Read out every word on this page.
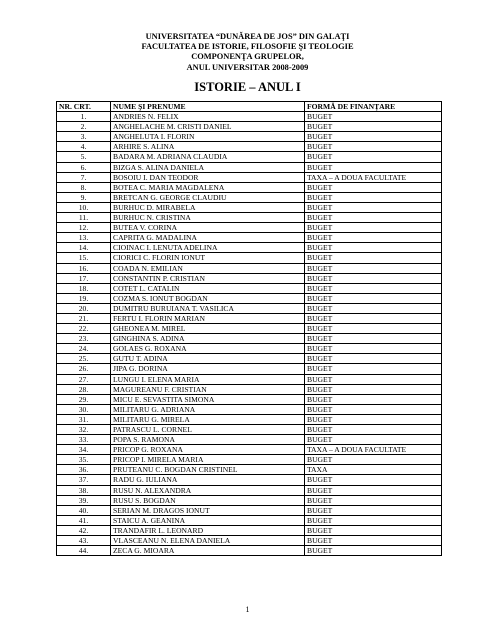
UNIVERSITATEA “DUNĂREA DE JOS” DIN GALAŢI
FACULTATEA DE ISTORIE, FILOSOFIE ŞI TEOLOGIE
COMPONENŢA GRUPELOR,
ANUL UNIVERSITAR 2008-2009
ISTORIE – ANUL I
NR. CRT.	NUME ŞI PRENUME	FORMĂ DE FINANŢARE
1.	ANDRIES N. FELIX	BUGET
2.	ANGHELACHE M. CRISTI DANIEL	BUGET
3.	ANGHELUTA I. FLORIN	BUGET
4.	ARHIRE S. ALINA	BUGET
5.	BADARA M. ADRIANA CLAUDIA	BUGET
6.	BIZGA S. ALINA DANIELA	BUGET
7.	BOSOIU I. DAN TEODOR	TAXA – A DOUA FACULTATE
8.	BOTEA C. MARIA MAGDALENA	BUGET
9.	BRETCAN G. GEORGE CLAUDIU	BUGET
10.	BURHUC D. MIRABELA	BUGET
11.	BURHUC N. CRISTINA	BUGET
12.	BUTEA V. CORINA	BUGET
13.	CAPRITA G. MADALINA	BUGET
14.	CIOINAC I. LENUTA ADELINA	BUGET
15.	CIORICI C. FLORIN IONUT	BUGET
16.	COADA N. EMILIAN	BUGET
17.	CONSTANTIN P. CRISTIAN	BUGET
18.	COTET L. CATALIN	BUGET
19.	COZMA S. IONUT BOGDAN	BUGET
20.	DUMITRU BURUIANA T. VASILICA	BUGET
21.	FERTU I. FLORIN MARIAN	BUGET
22.	GHEONEA M. MIREL	BUGET
23.	GINGHINA S. ADINA	BUGET
24.	GOLAES G. ROXANA	BUGET
25.	GUTU T. ADINA	BUGET
26.	JIPA G. DORINA	BUGET
27.	LUNGU I. ELENA MARIA	BUGET
28.	MAGUREANU F. CRISTIAN	BUGET
29.	MICU E. SEVASTITA SIMONA	BUGET
30.	MILITARU G. ADRIANA	BUGET
31.	MILITARU G. MIRELA	BUGET
32.	PATRASCU L. CORNEL	BUGET
33.	POPA S. RAMONA	BUGET
34.	PRICOP G. ROXANA	TAXA – A DOUA FACULTATE
35.	PRICOP I. MIRELA MARIA	BUGET
36.	PRUTEANU C. BOGDAN CRISTINEL	TAXA
37.	RADU G. IULIANA	BUGET
38.	RUSU N. ALEXANDRA	BUGET
39.	RUSU S. BOGDAN	BUGET
40.	SERIAN M. DRAGOS IONUT	BUGET
41.	STAICU A. GEANINA	BUGET
42.	TRANDAFIR L. LEONARD	BUGET
43.	VLASCEANU N. ELENA DANIELA	BUGET
44.	ZECA G. MIOARA	BUGET
1
